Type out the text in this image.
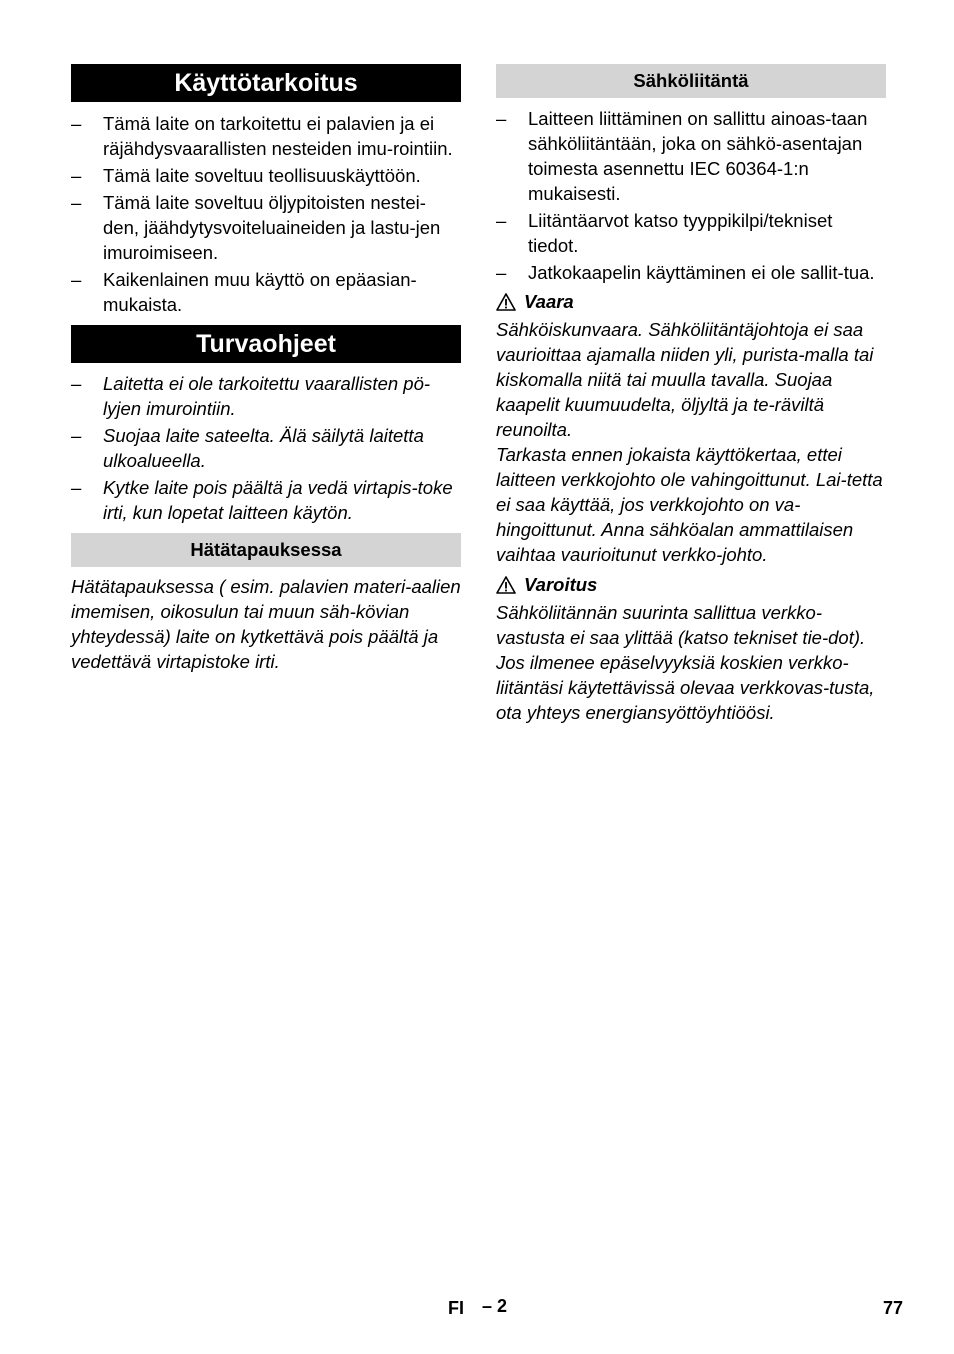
Käyttötarkoitus
– Tämä laite on tarkoitettu ei palavien ja ei räjähdysvaarallisten nesteiden imu-rointiin.
– Tämä laite soveltuu teollisuuskäyttöön.
– Tämä laite soveltuu öljypitoisten nestei-den, jäähdytysvoiteluaineiden ja lastu-jen imuroimiseen.
– Kaikenlainen muu käyttö on epäasian-mukaista.
Turvaohjeet
– Laitetta ei ole tarkoitettu vaarallisten pö-lyjen imurointiin.
– Suojaa laite sateelta. Älä säilytä laitetta ulkoalueella.
– Kytke laite pois päältä ja vedä virtapis-toke irti, kun lopetat laitteen käytön.
Hätätapauksessa

Hätätapauksessa ( esim. palavien materi-aalien imemisen, oikosulun tai muun säh-kövian yhteydessä) laite on kytkettävä pois päältä ja vedettävä virtapistoke irti.

Sähköliitäntä
– Laitteen liittäminen on sallittu ainoas-taan sähköliitäntään, joka on sähkö-asentajan toimesta asennettu IEC 60364-1:n mukaisesti.
– Liitäntäarvot katso tyyppikilpi/tekniset tiedot.
– Jatkokaapelin käyttäminen ei ole sallit-tua.
Vaara

Sähköiskunvaara. Sähköliitäntäjohtoja ei saa vaurioittaa ajamalla niiden yli, purista-malla tai kiskomalla niitä tai muulla tavalla. Suojaa kaapelit kuumuudelta, öljyltä ja te-räviltä reunoilta.

Tarkasta ennen jokaista käyttökertaa, ettei laitteen verkkojohto ole vahingoittunut. Lai-tetta ei saa käyttää, jos verkkojohto on va-hingoittunut. Anna sähköalan ammattilaisen vaihtaa vaurioitunut verkko-johto.

Varoitus

Sähköliitännän suurinta sallittua verkko-vastusta ei saa ylittää (katso tekniset tie-dot).

Jos ilmenee epäselvyyksiä koskien verkko-liitäntäsi käytettävissä olevaa verkkovas-tusta, ota yhteys energiansyöttöyhtiöösi.

FI – 2	77
